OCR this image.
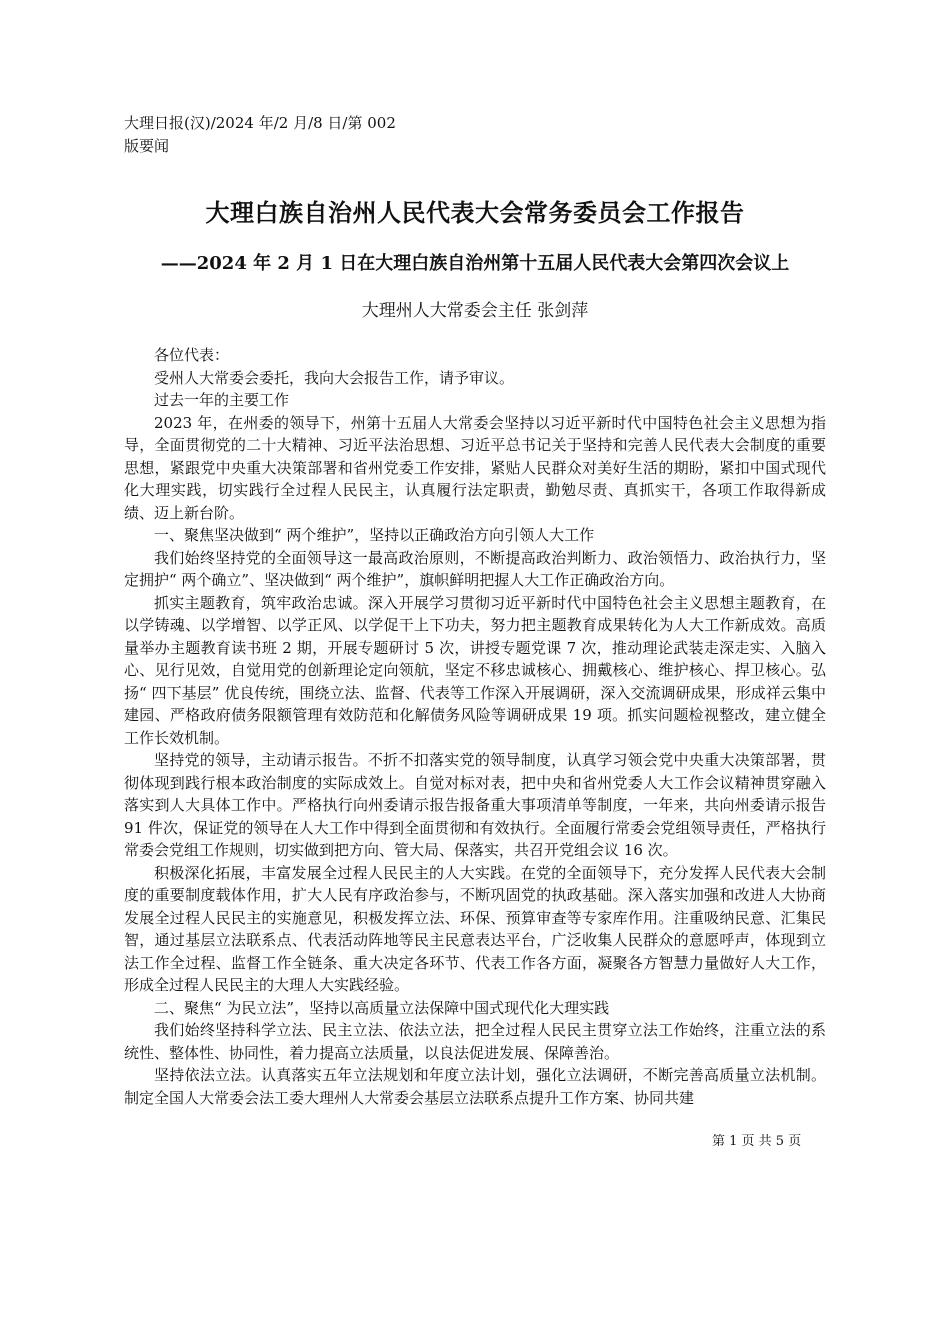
大理日报(汉)/2024 年/2 月/8 日/第 002

版要闻

大理白族自治州人民代表大会常务委员会工作报告
——2024 年 2 月 1 日在大理白族自治州第十五届人民代表大会第四次会议上
大理州人大常委会主任 张剑萍

各位代表：

受州人大常委会委托，我向大会报告工作，请予审议。

过去一年的主要工作

2023 年，在州委的领导下，州第十五届人大常委会坚持以习近平新时代中国特色社会主义思想为指导，全面贯彻党的二十大精神、习近平法治思想、习近平总书记关于坚持和完善人民代表大会制度的重要思想，紧跟党中央重大决策部署和省州党委工作安排，紧贴人民群众对美好生活的期盼，紧扣中国式现代化大理实践，切实践行全过程人民民主，认真履行法定职责，勤勉尽责、真抓实干，各项工作取得新成绩、迈上新台阶。

一、聚焦坚决做到“ 两个维护”，坚持以正确政治方向引领人大工作

我们始终坚持党的全面领导这一最高政治原则，不断提高政治判断力、政治领悟力、政治执行力，坚定拥护“ 两个确立”、坚决做到“ 两个维护”，旗帜鲜明把握人大工作正确政治方向。

抓实主题教育，筑牢政治忠诚。深入开展学习贯彻习近平新时代中国特色社会主义思想主题教育，在以学铸魂、以学增智、以学正风、以学促干上下功夫，努力把主题教育成果转化为人大工作新成效。高质量举办主题教育读书班 2 期，开展专题研讨 5 次，讲授专题党课 7 次，推动理论武装走深走实、入脑入心、见行见效，自觉用党的创新理论定向领航，坚定不移忠诚核心、拥戴核心、维护核心、捍卫核心。弘扬“ 四下基层” 优良传统，围绕立法、监督、代表等工作深入开展调研，深入交流调研成果，形成祥云集中建园、严格政府债务限额管理有效防范和化解债务风险等调研成果 19 项。抓实问题检视整改，建立健全工作长效机制。

坚持党的领导，主动请示报告。不折不扣落实党的领导制度，认真学习领会党中央重大决策部署，贯彻体现到践行根本政治制度的实际成效上。自觉对标对表，把中央和省州党委人大工作会议精神贯穿融入落实到人大具体工作中。严格执行向州委请示报告报备重大事项清单等制度，一年来，共向州委请示报告 91 件次，保证党的领导在人大工作中得到全面贯彻和有效执行。全面履行常委会党组领导责任，严格执行常委会党组工作规则，切实做到把方向、管大局、保落实，共召开党组会议 16 次。

积极深化拓展，丰富发展全过程人民民主的人大实践。在党的全面领导下，充分发挥人民代表大会制度的重要制度载体作用，扩大人民有序政治参与，不断巩固党的执政基础。深入落实加强和改进人大协商发展全过程人民民主的实施意见，积极发挥立法、环保、预算审查等专家库作用。注重吸纳民意、汇集民智，通过基层立法联系点、代表活动阵地等民主民意表达平台，广泛收集人民群众的意愿呼声，体现到立法工作全过程、监督工作全链条、重大决定各环节、代表工作各方面，凝聚各方智慧力量做好人大工作，形成全过程人民民主的大理人大实践经验。

二、聚焦“ 为民立法”，坚持以高质量立法保障中国式现代化大理实践

我们始终坚持科学立法、民主立法、依法立法，把全过程人民民主贯穿立法工作始终，注重立法的系统性、整体性、协同性，着力提高立法质量，以良法促进发展、保障善治。

坚持依法立法。认真落实五年立法规划和年度立法计划，强化立法调研，不断完善高质量立法机制。制定全国人大常委会法工委大理州人大常委会基层立法联系点提升工作方案、协同共建

第 1 页 共 5 页
